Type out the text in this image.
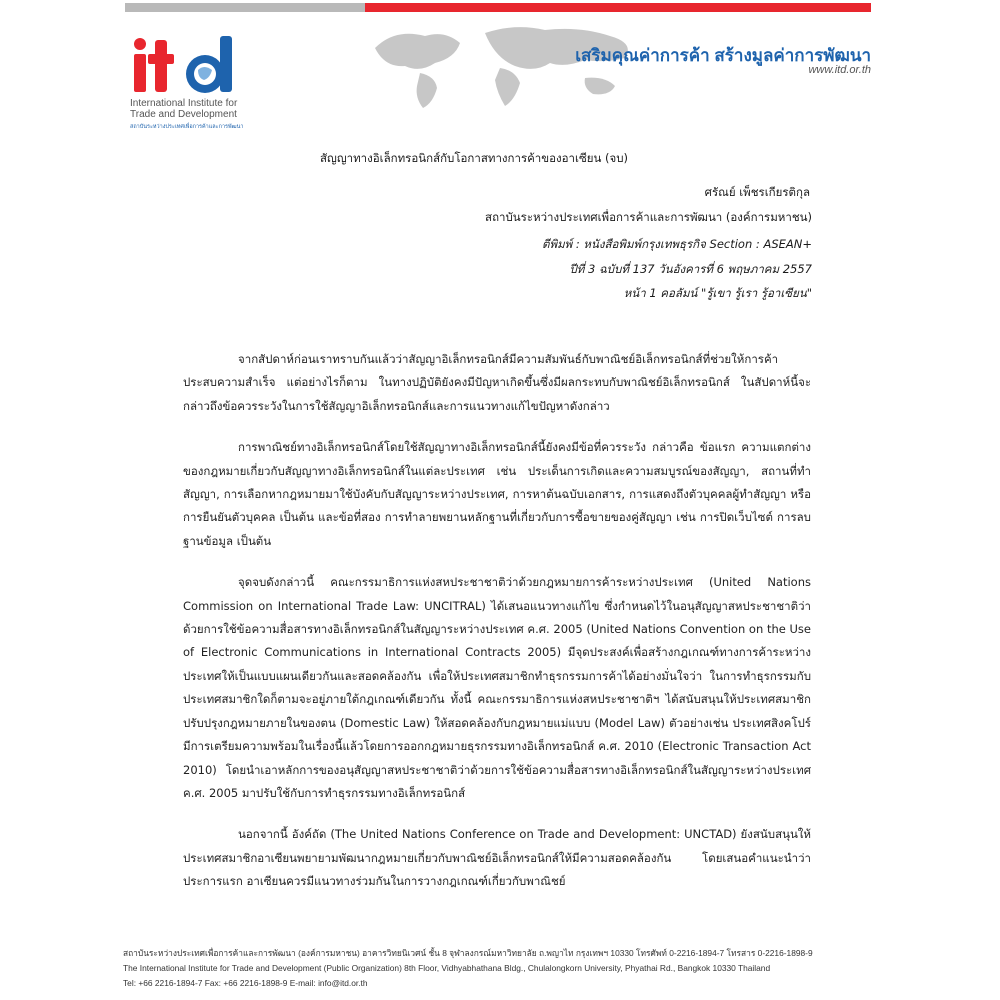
International Institute for
Trade and Development
สถาบันระหว่างประเทศเพื่อการค้าและการพัฒนา
เสริมคุณค่าการค้า สร้างมูลค่าการพัฒนา
www.itd.or.th
สัญญาทางอิเล็กทรอนิกส์กับโอกาสทางการค้าของอาเซียน (จบ)
ศรัณย์ เพ็ชรเกียรติกุล
สถาบันระหว่างประเทศเพื่อการค้าและการพัฒนา (องค์การมหาชน)
ตีพิมพ์ : หนังสือพิมพ์กรุงเทพธุรกิจ Section : ASEAN+
ปีที่ 3 ฉบับที่ 137 วันอังคารที่ 6 พฤษภาคม 2557
หน้า 1 คอลัมน์ "รู้เขา รู้เรา รู้อาเซียน"

จากสัปดาห์ก่อนเราทราบกันแล้วว่าสัญญาอิเล็กทรอนิกส์มีความสัมพันธ์กับพาณิชย์อิเล็กทรอนิกส์ที่ช่วยให้การค้าประสบความสำเร็จ แต่อย่างไรก็ตาม ในทางปฏิบัติยังคงมีปัญหาเกิดขึ้นซึ่งมีผลกระทบกับพาณิชย์อิเล็กทรอนิกส์ ในสัปดาห์นี้จะกล่าวถึงข้อควรระวังในการใช้สัญญาอิเล็กทรอนิกส์และการแนวทางแก้ไขปัญหาดังกล่าว

การพาณิชย์ทางอิเล็กทรอนิกส์โดยใช้สัญญาทางอิเล็กทรอนิกส์นี้ยังคงมีข้อที่ควรระวัง กล่าวคือ ข้อแรก ความแตกต่างของกฎหมายเกี่ยวกับสัญญาทางอิเล็กทรอนิกส์ในแต่ละประเทศ เช่น ประเด็นการเกิดและความสมบูรณ์ของสัญญา, สถานที่ทำสัญญา, การเลือกหากฎหมายมาใช้บังคับกับสัญญาระหว่างประเทศ, การหาต้นฉบับเอกสาร, การแสดงถึงตัวบุคคลผู้ทำสัญญา หรือการยืนยันตัวบุคคล เป็นต้น และข้อที่สอง การทำลายพยานหลักฐานที่เกี่ยวกับการซื้อขายของคู่สัญญา เช่น การปิดเว็บไซต์ การลบฐานข้อมูล เป็นต้น

จุดจบดังกล่าวนี้ คณะกรรมาธิการแห่งสหประชาชาติว่าด้วยกฎหมายการค้าระหว่างประเทศ (United Nations Commission on International Trade Law: UNCITRAL) ได้เสนอแนวทางแก้ไข ซึ่งกำหนดไว้ในอนุสัญญาสหประชาชาติว่าด้วยการใช้ข้อความสื่อสารทางอิเล็กทรอนิกส์ในสัญญาระหว่างประเทศ ค.ศ. 2005 (United Nations Convention on the Use of Electronic Communications in International Contracts 2005) มีจุดประสงค์เพื่อสร้างกฎเกณฑ์ทางการค้าระหว่างประเทศให้เป็นแบบแผนเดียวกันและสอดคล้องกัน เพื่อให้ประเทศสมาชิกทำธุรกรรมการค้าได้อย่างมั่นใจว่า ในการทำธุรกรรมกับประเทศสมาชิกใดก็ตามจะอยู่ภายใต้กฎเกณฑ์เดียวกัน ทั้งนี้ คณะกรรมาธิการแห่งสหประชาชาติฯ ได้สนับสนุนให้ประเทศสมาชิกปรับปรุงกฎหมายภายในของตน (Domestic Law) ให้สอดคล้องกับกฎหมายแม่แบบ (Model Law) ตัวอย่างเช่น ประเทศสิงคโปร์ มีการเตรียมความพร้อมในเรื่องนี้แล้วโดยการออกกฎหมายธุรกรรมทางอิเล็กทรอนิกส์ ค.ศ. 2010 (Electronic Transaction Act 2010) โดยนำเอาหลักการของอนุสัญญาสหประชาชาติว่าด้วยการใช้ข้อความสื่อสารทางอิเล็กทรอนิกส์ในสัญญาระหว่างประเทศ ค.ศ. 2005 มาปรับใช้กับการทำธุรกรรมทางอิเล็กทรอนิกส์

นอกจากนี้ อังค์ถัด (The United Nations Conference on Trade and Development: UNCTAD) ยังสนับสนุนให้ประเทศสมาชิกอาเซียนพยายามพัฒนากฎหมายเกี่ยวกับพาณิชย์อิเล็กทรอนิกส์ให้มีความสอดคล้องกัน โดยเสนอคำแนะนำว่า ประการแรก อาเซียนควรมีแนวทางร่วมกันในการวางกฎเกณฑ์เกี่ยวกับพาณิชย์

สถาบันระหว่างประเทศเพื่อการค้าและการพัฒนา (องค์การมหาชน) อาคารวิทยนิเวศน์ ชั้น 8 จุฬาลงกรณ์มหาวิทยาลัย ถ.พญาไท กรุงเทพฯ 10330 โทรศัพท์ 0-2216-1894-7 โทรสาร 0-2216-1898-9
The International Institute for Trade and Development (Public Organization) 8th Floor, Vidhyabhathana Bldg., Chulalongkorn University, Phyathai Rd., Bangkok 10330 Thailand
Tel: +66 2216-1894-7 Fax: +66 2216-1898-9 E-mail: info@itd.or.th
